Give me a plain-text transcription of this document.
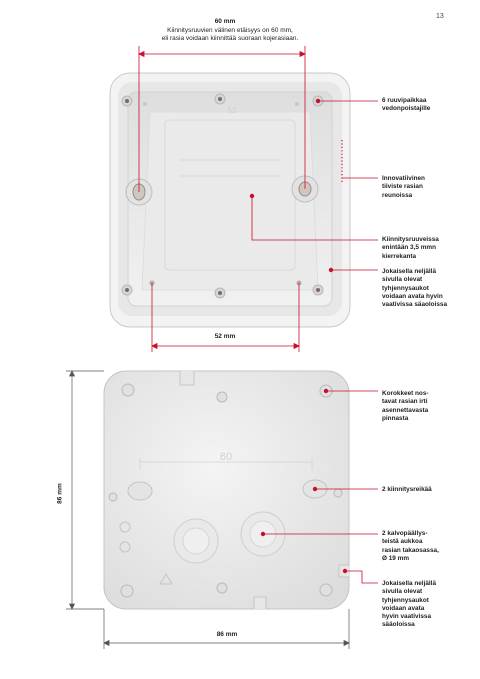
13
60 mm
Kiinnitysruuvien välinen etäisyys on 60 mm,
eli rasia voidaan kiinnittää suoraan kojerasiaan.
52
60
52 mm
86 mm
86 mm
6 ruuvipaikkaa
vedonpoistajille
Innovatiivinen
tiiviste rasian
reunoissa
Kiinnitysruuveissa
enintään 3,5 mmn
kierrekanta
Jokaisella neljällä
sivulla olevat
tyhjennysaukot
voidaan avata hyvin
vaativissa säaoloissa
Korokkeet nos-
tavat rasian irti
asennettavasta
pinnasta
2 kiinnitysreikää
2 kalvopäällys-
teistä aukkoa
rasian takaosassa,
Ø 19 mm
Jokaisella neljällä
sivulla olevat
tyhjennysaukot
voidaan avata
hyvin vaativissa
sääoloissa
